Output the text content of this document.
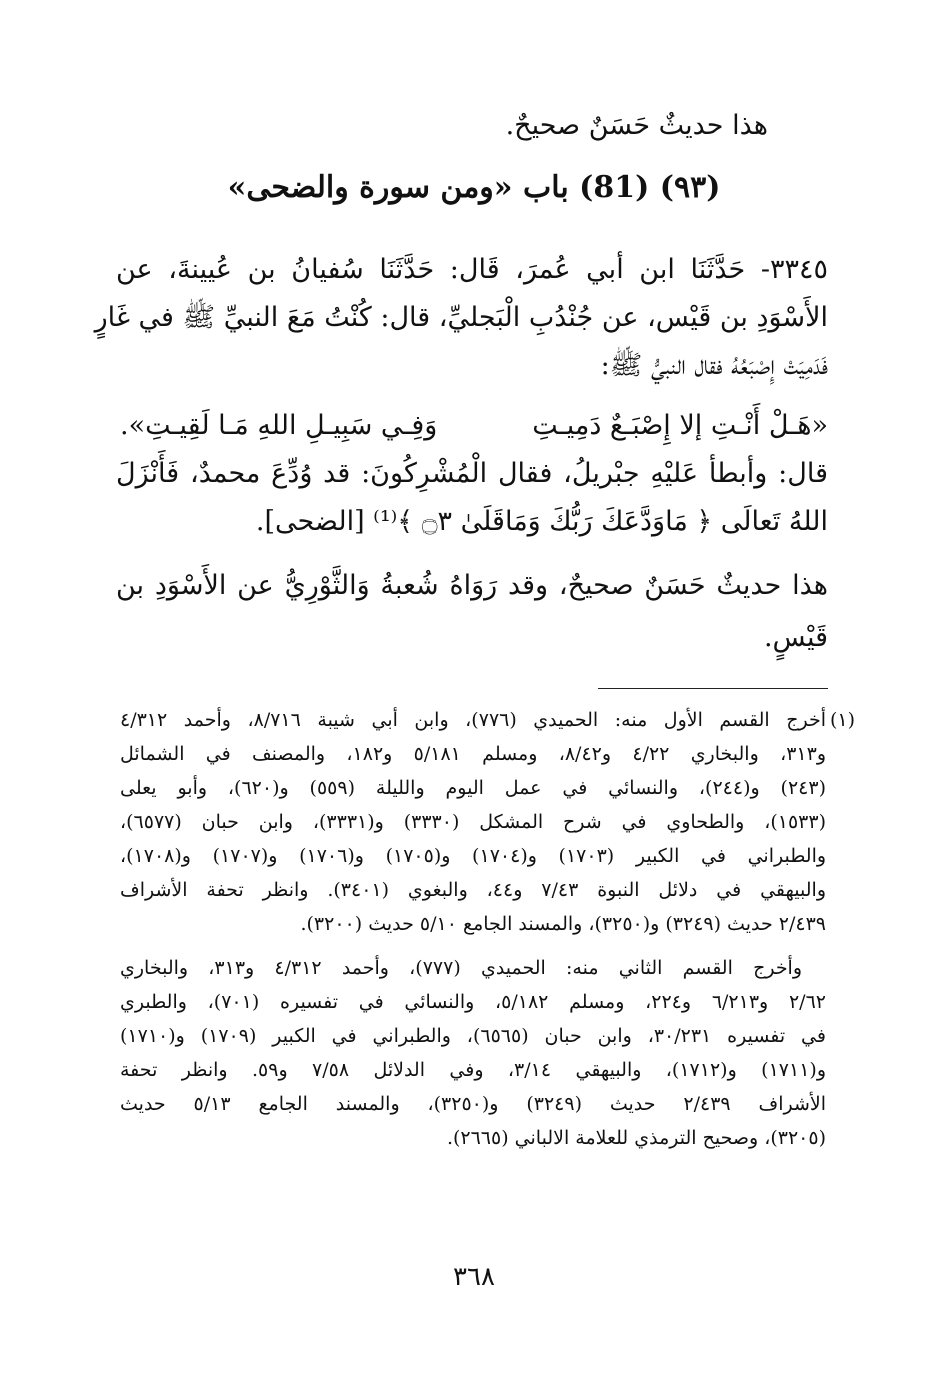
هذا حديثٌ حَسَنٌ صحيحٌ.
(٩٣) (81) باب «ومن سورة والضحى»
٣٣٤٥- حَدَّثَنَا ابن أبي عُمرَ، قَال: حَدَّثَنَا سُفيانُ بن عُيينةَ، عن
الأَسْوَدِ بن قَيْس، عن جُنْدُبِ الْبَجليِّ، قال: كُنْتُ مَعَ النبيِّ ﷺ في غَارٍ
فَدَمِيَتْ إِصْبَعُهُ فقال النبيُّ ﷺ:
«هَـلْ أَنْـتِ إلا إِصْبَـعٌ دَمِيـتِ
وَفِـي سَبِيـلِ اللهِ مَـا لَقِيـتِ».
قال: وأبطأ عَليْهِ جبْريلُ، فقال الْمُشْرِكُونَ: قد وُدِّعَ محمدٌ، فَأَنْزَلَ
اللهُ تَعالَى ﴿ مَاوَدَّعَكَ رَبُّكَ وَمَاقَلَىٰ ۝٣ ﴾⁽¹⁾ [الضحى].
هذا حديثٌ حَسَنٌ صحيحٌ، وقد رَوَاهُ شُعبةُ وَالثَّوْرِيُّ عن الأَسْوَدِ بن
قَيْسٍ.
(١)
أخرج القسم الأول منه: الحميدي (٧٧٦)، وابن أبي شيبة ٨/٧١٦، وأحمد ٤/٣١٢
و٣١٣، والبخاري ٤/٢٢ و٨/٤٢، ومسلم ٥/١٨١ و١٨٢، والمصنف في الشمائل
(٢٤٣) و(٢٤٤)، والنسائي في عمل اليوم والليلة (٥٥٩) و(٦٢٠)، وأبو يعلى
(١٥٣٣)، والطحاوي في شرح المشكل (٣٣٣٠) و(٣٣٣١)، وابن حبان (٦٥٧٧)،
والطبراني في الكبير (١٧٠٣) و(١٧٠٤) و(١٧٠٥) و(١٧٠٦) و(١٧٠٧) و(١٧٠٨)،
والبيهقي في دلائل النبوة ٧/٤٣ و٤٤، والبغوي (٣٤٠١). وانظر تحفة الأشراف
٢/٤٣٩ حديث (٣٢٤٩) و(٣٢٥٠)، والمسند الجامع ٥/١٠ حديث (٣٢٠٠).
وأخرج القسم الثاني منه: الحميدي (٧٧٧)، وأحمد ٤/٣١٢ و٣١٣، والبخاري
٢/٦٢ و٦/٢١٣ و٢٢٤، ومسلم ٥/١٨٢، والنسائي في تفسيره (٧٠١)، والطبري
في تفسيره ٣٠/٢٣١، وابن حبان (٦٥٦٥)، والطبراني في الكبير (١٧٠٩) و(١٧١٠)
و(١٧١١) و(١٧١٢)، والبيهقي ٣/١٤، وفي الدلائل ٧/٥٨ و٥٩. وانظر تحفة
الأشراف ٢/٤٣٩ حديث (٣٢٤٩) و(٣٢٥٠)، والمسند الجامع ٥/١٣ حديث
(٣٢٠٥)، وصحيح الترمذي للعلامة الالباني (٢٦٦٥).
٣٦٨
